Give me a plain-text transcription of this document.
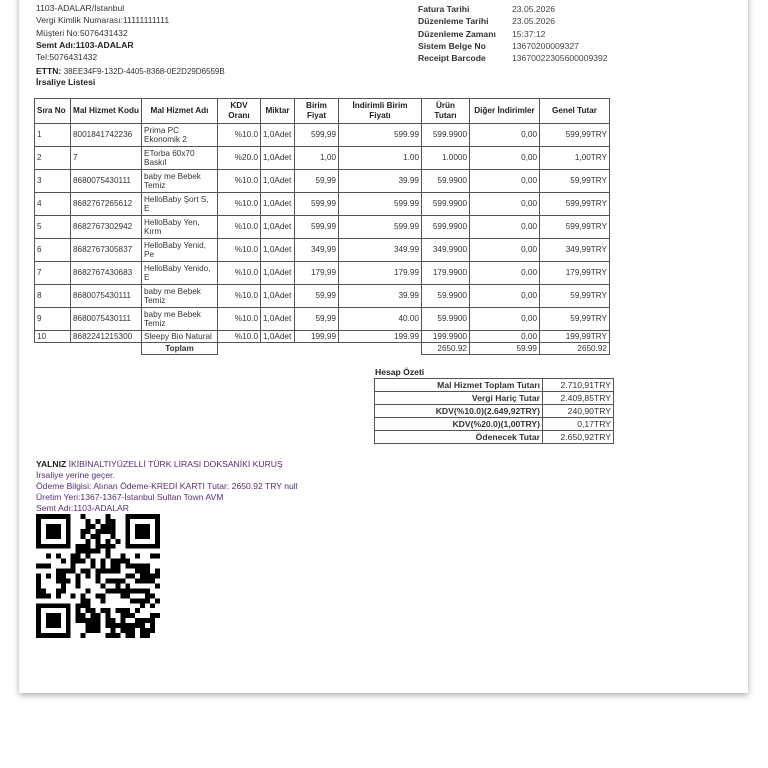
1103-ADALAR/İstanbul
Vergi Kimlik Numarası:11111111111
Müşteri No:5076431432
Semt Adı:1103-ADALAR
Tel:5076431432
ETTN: 38EE34F9-132D-4405-8368-0E2D29D6559B
İrsaliye Listesi
Fatura Tarihi	23.05.2026
Düzenleme Tarihi	23.05.2026
Düzenleme Zamanı 15:37:12
Sistem Belge No	13670200009327
Receipt Barcode	13670022305600009392
Sıra No	Mal Hizmet Kodu	Mal Hizmet Adı	KDV Oranı	Miktar	Birim Fiyat	İndirimli Birim Fiyatı	Ürün Tutarı	Diğer İndirimler	Genel Tutar
1	8001841742236	Prima PC Ekonomik 2	%10.0	1,0Adet	599,99	599.99	599.9900	0,00	599,99TRY
2	7	ETorba 60x70 Baskıl	%20.0	1,0Adet	1,00	1.00	1.0000	0,00	1,00TRY
3	8680075430111	baby me Bebek Temiz	%10.0	1,0Adet	59,99	39.99	59.9900	0,00	59,99TRY
4	8682767265612	HelloBaby Şort S, E	%10.0	1,0Adet	599,99	599.99	599.9900	0,00	599,99TRY
5	8682767302942	HelloBaby Yen, Kırm	%10.0	1,0Adet	599,99	599.99	599.9900	0,00	599,99TRY
6	8682767305837	HelloBaby Yenid, Pe	%10.0	1,0Adet	349,99	349.99	349.9900	0,00	349,99TRY
7	8682767430683	HelloBaby Yenido, E	%10.0	1,0Adet	179,99	179.99	179.9900	0,00	179,99TRY
8	8680075430111	baby me Bebek Temiz	%10.0	1,0Adet	59,99	39.99	59.9900	0,00	59,99TRY
9	8680075430111	baby me Bebek Temiz	%10.0	1,0Adet	59,99	40.00	59.9900	0,00	59,99TRY
10	8682241215300	Sleepy Bio Natural	%10.0	1,0Adet	199,99	199.99	199.9900	0,00	199,99TRY
		Toplam					2650.92	59.99	2650.92
Hesap Özeti
Mal Hizmet Toplam Tutarı	2.710,91TRY
Vergi Hariç Tutar	2.409,85TRY
KDV(%10.0)(2.649,92TRY)	240,90TRY
KDV(%20.0)(1,00TRY)	0,17TRY
Ödenecek Tutar	2.650,92TRY
YALNIZ İKİBİNALTIYÜZELLİ TÜRK LİRASI DOKSANİKİ KURUŞ
İrsaliye yerine geçer.
Ödeme Bilgisi: Alınan Ödeme-KREDİ KARTI Tutar: 2650.92 TRY null
Üretim Yeri:1367-1367-İstanbul Sultan Town AVM
Semt Adı:1103-ADALAR
